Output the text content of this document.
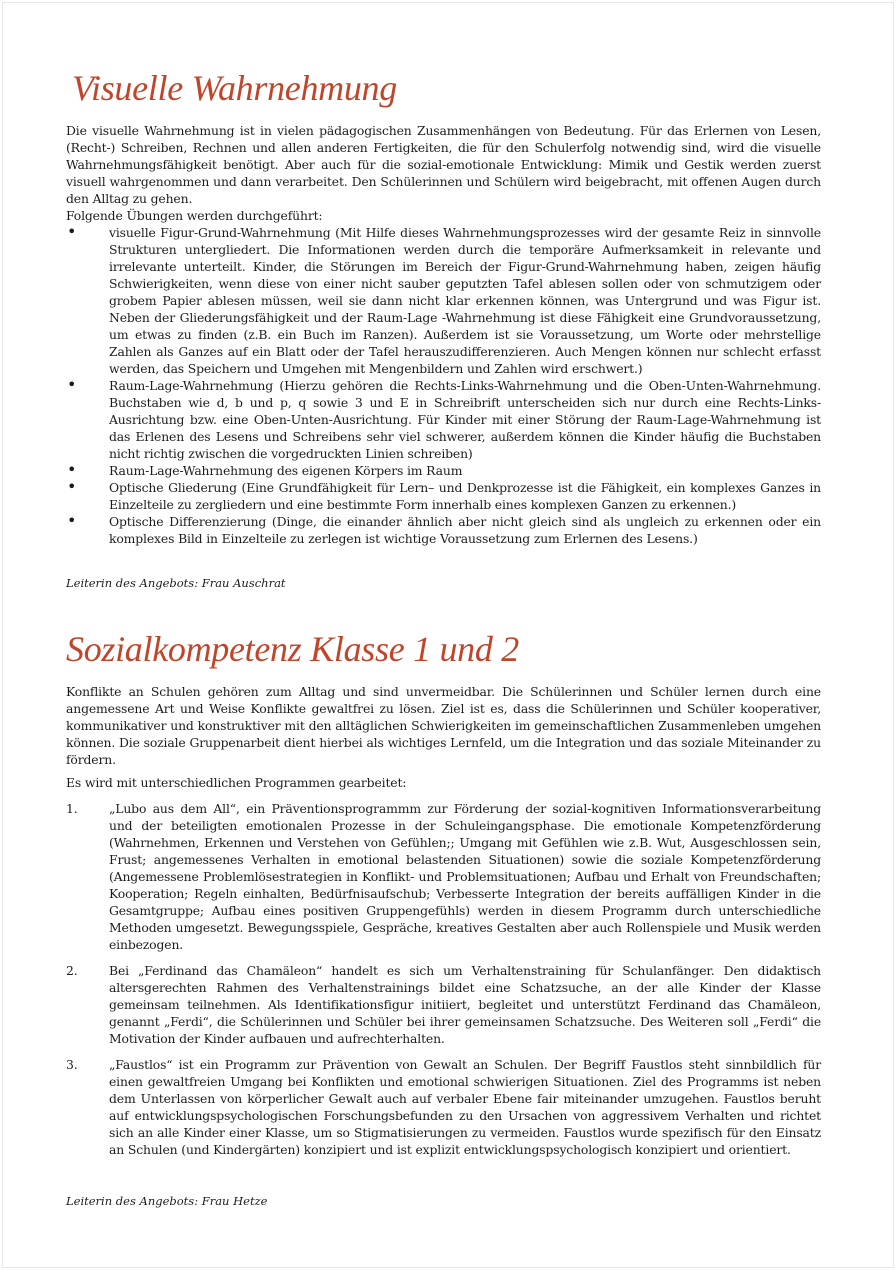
Visuelle Wahrnehmung

Die visuelle Wahrnehmung ist in vielen pädagogischen Zusammenhängen von Bedeutung. Für das Erlernen von Lesen, (Recht-) Schreiben, Rechnen und allen anderen Fertigkeiten, die für den Schulerfolg notwendig sind, wird die visuelle Wahrnehmungsfähigkeit benötigt. Aber auch für die sozial-emotionale Entwicklung: Mimik und Gestik werden zuerst visuell wahrgenommen und dann verarbeitet. Den Schülerinnen und Schülern wird beigebracht, mit offenen Augen durch den Alltag zu gehen.

Folgende Übungen werden durchgeführt:

• visuelle Figur-Grund-Wahrnehmung (Mit Hilfe dieses Wahrnehmungsprozesses wird der gesamte Reiz in sinnvolle Strukturen untergliedert. Die Informationen werden durch die temporäre Aufmerksamkeit in relevante und irrelevante unterteilt. Kinder, die Störungen im Bereich der Figur-Grund-Wahrnehmung haben, zeigen häufig Schwierigkeiten, wenn diese von einer nicht sauber geputzten Tafel ablesen sollen oder von schmutzigem oder grobem Papier ablesen müssen, weil sie dann nicht klar erkennen können, was Untergrund und was Figur ist. Neben der Gliederungsfähigkeit und der Raum-Lage -Wahrnehmung ist diese Fähigkeit eine Grundvoraussetzung, um etwas zu finden (z.B. ein Buch im Ranzen). Außerdem ist sie Voraussetzung, um Worte oder mehrstellige Zahlen als Ganzes auf ein Blatt oder der Tafel herauszudifferenzieren. Auch Mengen können nur schlecht erfasst werden, das Speichern und Umgehen mit Mengenbildern und Zahlen wird erschwert.)
• Raum-Lage-Wahrnehmung (Hierzu gehören die Rechts-Links-Wahrnehmung und die Oben-Unten-Wahrnehmung. Buchstaben wie d, b und p, q sowie 3 und E in Schreibrift unterscheiden sich nur durch eine Rechts-Links-Ausrichtung bzw. eine Oben-Unten-Ausrichtung. Für Kinder mit einer Störung der Raum-Lage-Wahrnehmung ist das Erlenen des Lesens und Schreibens sehr viel schwerer, außerdem können die Kinder häufig die Buchstaben nicht richtig zwischen die vorgedruckten Linien schreiben)
• Raum-Lage-Wahrnehmung des eigenen Körpers im Raum
• Optische Gliederung (Eine Grundfähigkeit für Lern– und Denkprozesse ist die Fähigkeit, ein komplexes Ganzes in Einzelteile zu zergliedern und eine bestimmte Form innerhalb eines komplexen Ganzen zu erkennen.)
• Optische Differenzierung (Dinge, die einander ähnlich aber nicht gleich sind als ungleich zu erkennen oder ein komplexes Bild in Einzelteile zu zerlegen ist wichtige Voraussetzung zum Erlernen des Lesens.)

Leiterin des Angebots: Frau Auschrat

Sozialkompetenz Klasse 1 und 2

Konflikte an Schulen gehören zum Alltag und sind unvermeidbar. Die Schülerinnen und Schüler lernen durch eine angemessene Art und Weise Konflikte gewaltfrei zu lösen. Ziel ist es, dass die Schülerinnen und Schüler kooperativer, kommunikativer und konstruktiver mit den alltäglichen Schwierigkeiten im gemeinschaftlichen Zusammenleben umgehen können. Die soziale Gruppenarbeit dient hierbei als wichtiges Lernfeld, um die Integration und das soziale Miteinander zu fördern.

Es wird mit unterschiedlichen Programmen gearbeitet:

1.	„Lubo aus dem All“, ein Präventionsprogrammm zur Förderung der sozial-kognitiven Informationsverarbeitung und der beteiligten emotionalen Prozesse in der Schuleingangsphase. Die emotionale Kompetenzförderung (Wahrnehmen, Erkennen und Verstehen von Gefühlen;; Umgang mit Gefühlen wie z.B. Wut, Ausgeschlossen sein, Frust; angemessenes Verhalten in emotional belastenden Situationen) sowie die soziale Kompetenzförderung (Angemessene Problemlösestrategien in Konflikt- und Problemsituationen; Aufbau und Erhalt von Freundschaften; Kooperation; Regeln einhalten, Bedürfnisaufschub; Verbesserte Integration der bereits auffälligen Kinder in die Gesamtgruppe; Aufbau eines positiven Gruppengefühls) werden in diesem Programm durch unterschiedliche Methoden umgesetzt. Bewegungsspiele, Gespräche, kreatives Gestalten aber auch Rollenspiele und Musik werden einbezogen.
2.	Bei „Ferdinand das Chamäleon“ handelt es sich um Verhaltenstraining für Schulanfänger. Den didaktisch altersgerechten Rahmen des Verhaltenstrainings bildet eine Schatzsuche, an der alle Kinder der Klasse gemeinsam teilnehmen. Als Identifikationsfigur initiiert, begleitet und unterstützt Ferdinand das Chamäleon, genannt „Ferdi“, die Schülerinnen und Schüler bei ihrer gemeinsamen Schatzsuche. Des Weiteren soll „Ferdi“ die Motivation der Kinder aufbauen und aufrechterhalten.
3.	„Faustlos“ ist ein Programm zur Prävention von Gewalt an Schulen. Der Begriff Faustlos steht sinnbildlich für einen gewaltfreien Umgang bei Konflikten und emotional schwierigen Situationen. Ziel des Programms ist neben dem Unterlassen von körperlicher Gewalt auch auf verbaler Ebene fair miteinander umzugehen. Faustlos beruht auf entwicklungspsychologischen Forschungsbefunden zu den Ursachen von aggressivem Verhalten und richtet sich an alle Kinder einer Klasse, um so Stigmatisierungen zu vermeiden. Faustlos wurde spezifisch für den Einsatz an Schulen (und Kindergärten) konzipiert und ist explizit entwicklungspsychologisch konzipiert und orientiert.

Leiterin des Angebots: Frau Hetze
